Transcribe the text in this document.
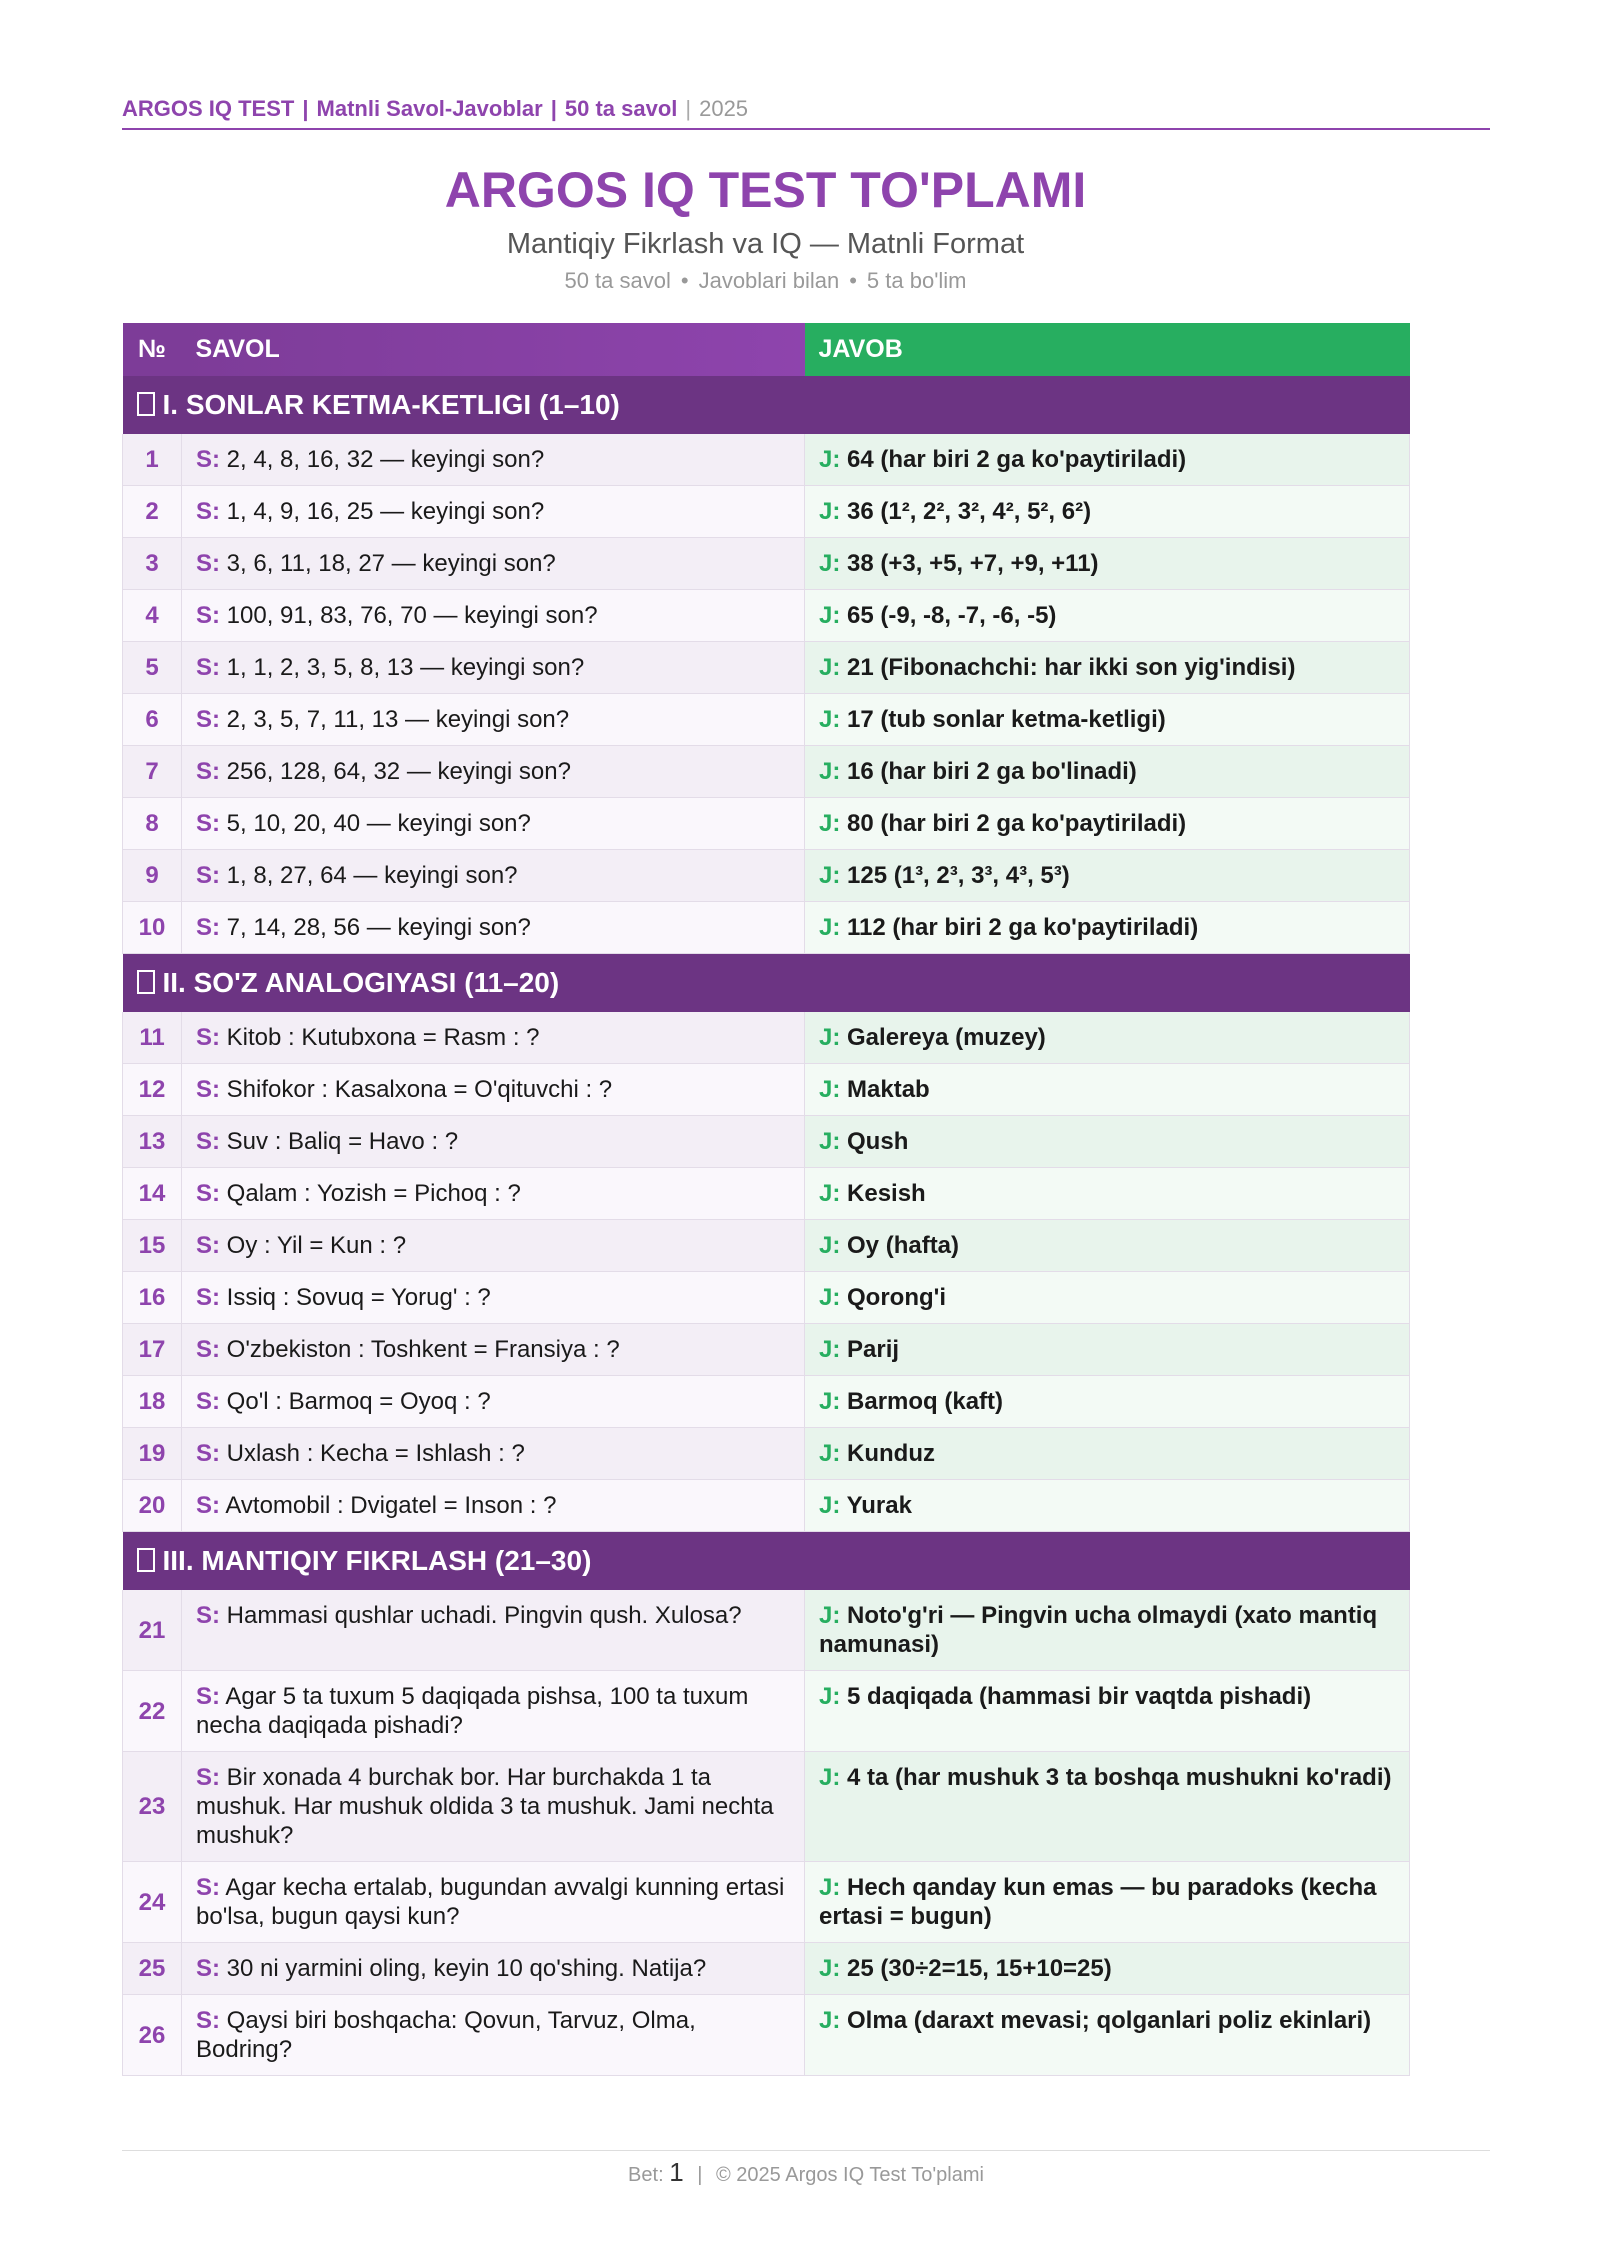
ARGOS IQ TEST | Matnli Savol-Javoblar | 50 ta savol | 2025
ARGOS IQ TEST TO'PLAMI
Mantiqiy Fikrlash va IQ — Matnli Format
50 ta savol • Javoblari bilan • 5 ta bo'lim
№	SAVOL	JAVOB
I. SONLAR KETMA-KETLIGI (1–10)		
1	S: 2, 4, 8, 16, 32 — keyingi son?	J: 64 (har biri 2 ga ko'paytiriladi)
2	S: 1, 4, 9, 16, 25 — keyingi son?	J: 36 (1², 2², 3², 4², 5², 6²)
3	S: 3, 6, 11, 18, 27 — keyingi son?	J: 38 (+3, +5, +7, +9, +11)
4	S: 100, 91, 83, 76, 70 — keyingi son?	J: 65 (-9, -8, -7, -6, -5)
5	S: 1, 1, 2, 3, 5, 8, 13 — keyingi son?	J: 21 (Fibonachchi: har ikki son yig'indisi)
6	S: 2, 3, 5, 7, 11, 13 — keyingi son?	J: 17 (tub sonlar ketma-ketligi)
7	S: 256, 128, 64, 32 — keyingi son?	J: 16 (har biri 2 ga bo'linadi)
8	S: 5, 10, 20, 40 — keyingi son?	J: 80 (har biri 2 ga ko'paytiriladi)
9	S: 1, 8, 27, 64 — keyingi son?	J: 125 (1³, 2³, 3³, 4³, 5³)
10	S: 7, 14, 28, 56 — keyingi son?	J: 112 (har biri 2 ga ko'paytiriladi)
II. SO'Z ANALOGIYASI (11–20)		
11	S: Kitob : Kutubxona = Rasm : ?	J: Galereya (muzey)
12	S: Shifokor : Kasalxona = O'qituvchi : ?	J: Maktab
13	S: Suv : Baliq = Havo : ?	J: Qush
14	S: Qalam : Yozish = Pichoq : ?	J: Kesish
15	S: Oy : Yil = Kun : ?	J: Oy (hafta)
16	S: Issiq : Sovuq = Yorug' : ?	J: Qorong'i
17	S: O'zbekiston : Toshkent = Fransiya : ?	J: Parij
18	S: Qo'l : Barmoq = Oyoq : ?	J: Barmoq (kaft)
19	S: Uxlash : Kecha = Ishlash : ?	J: Kunduz
20	S: Avtomobil : Dvigatel = Inson : ?	J: Yurak
III. MANTIQIY FIKRLASH (21–30)		
21	S: Hammasi qushlar uchadi. Pingvin qush. Xulosa?	J: Noto'g'ri — Pingvin ucha olmaydi (xato mantiq namunasi)
22	S: Agar 5 ta tuxum 5 daqiqada pishsa, 100 ta tuxum necha daqiqada pishadi?	J: 5 daqiqada (hammasi bir vaqtda pishadi)
23	S: Bir xonada 4 burchak bor. Har burchakda 1 ta mushuk. Har mushuk oldida 3 ta mushuk. Jami nechta mushuk?	J: 4 ta (har mushuk 3 ta boshqa mushukni ko'radi)
24	S: Agar kecha ertalab, bugundan avvalgi kunning ertasi bo'lsa, bugun qaysi kun?	J: Hech qanday kun emas — bu paradoks (kecha ertasi = bugun)
25	S: 30 ni yarmini oling, keyin 10 qo'shing. Natija?	J: 25 (30÷2=15, 15+10=25)
26	S: Qaysi biri boshqacha: Qovun, Tarvuz, Olma, Bodring?	J: Olma (daraxt mevasi; qolganlari poliz ekinlari)
Bet: 1 | © 2025 Argos IQ Test To'plami
